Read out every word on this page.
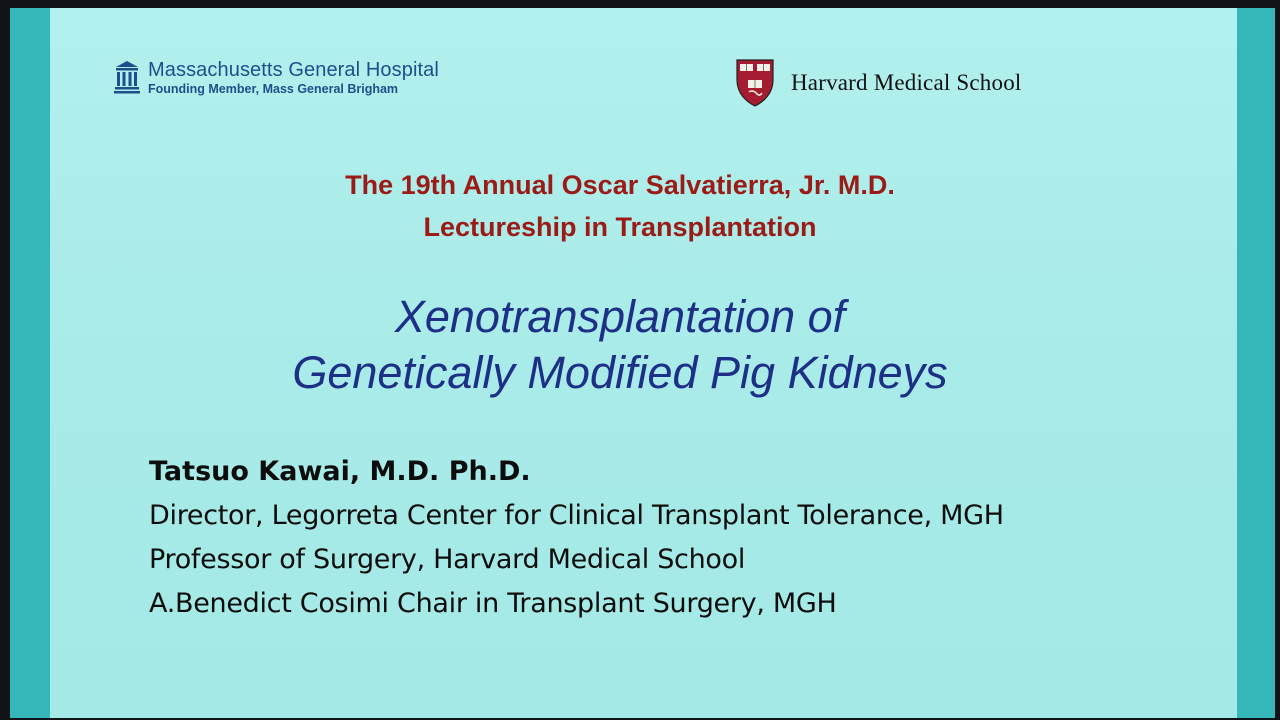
Massachusetts General Hospital
Founding Member, Mass General Brigham	Harvard Medical School
The 19th Annual Oscar Salvatierra, Jr. M.D.
Lectureship in Transplantation
Xenotransplantation of
Genetically Modified Pig Kidneys
Tatsuo Kawai, M.D. Ph.D.
Director, Legorreta Center for Clinical Transplant Tolerance, MGH
Professor of Surgery, Harvard Medical School
A.Benedict Cosimi Chair in Transplant Surgery, MGH
